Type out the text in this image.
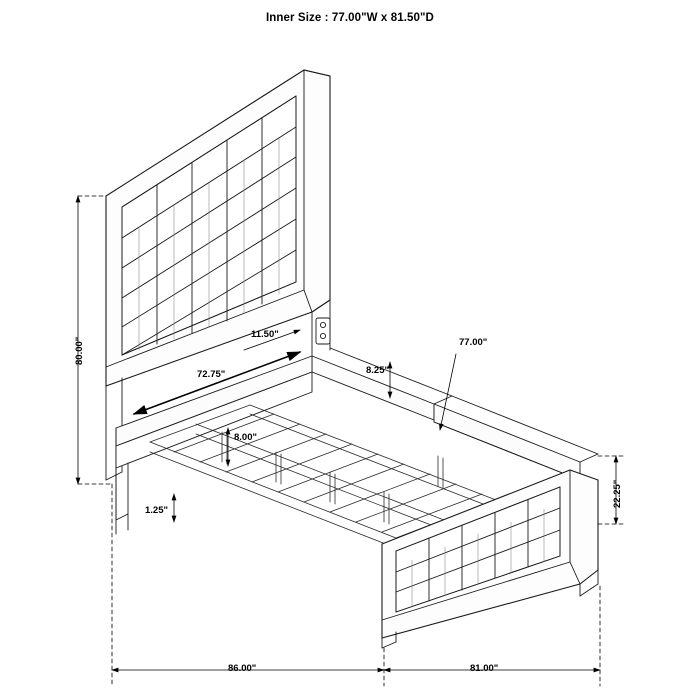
Inner Size : 77.00"W x 81.50"D
80.00"
22.25"
86.00"	81.00"
77.00"
72.75"
11.50"
8.25"
8.00"
1.25"
